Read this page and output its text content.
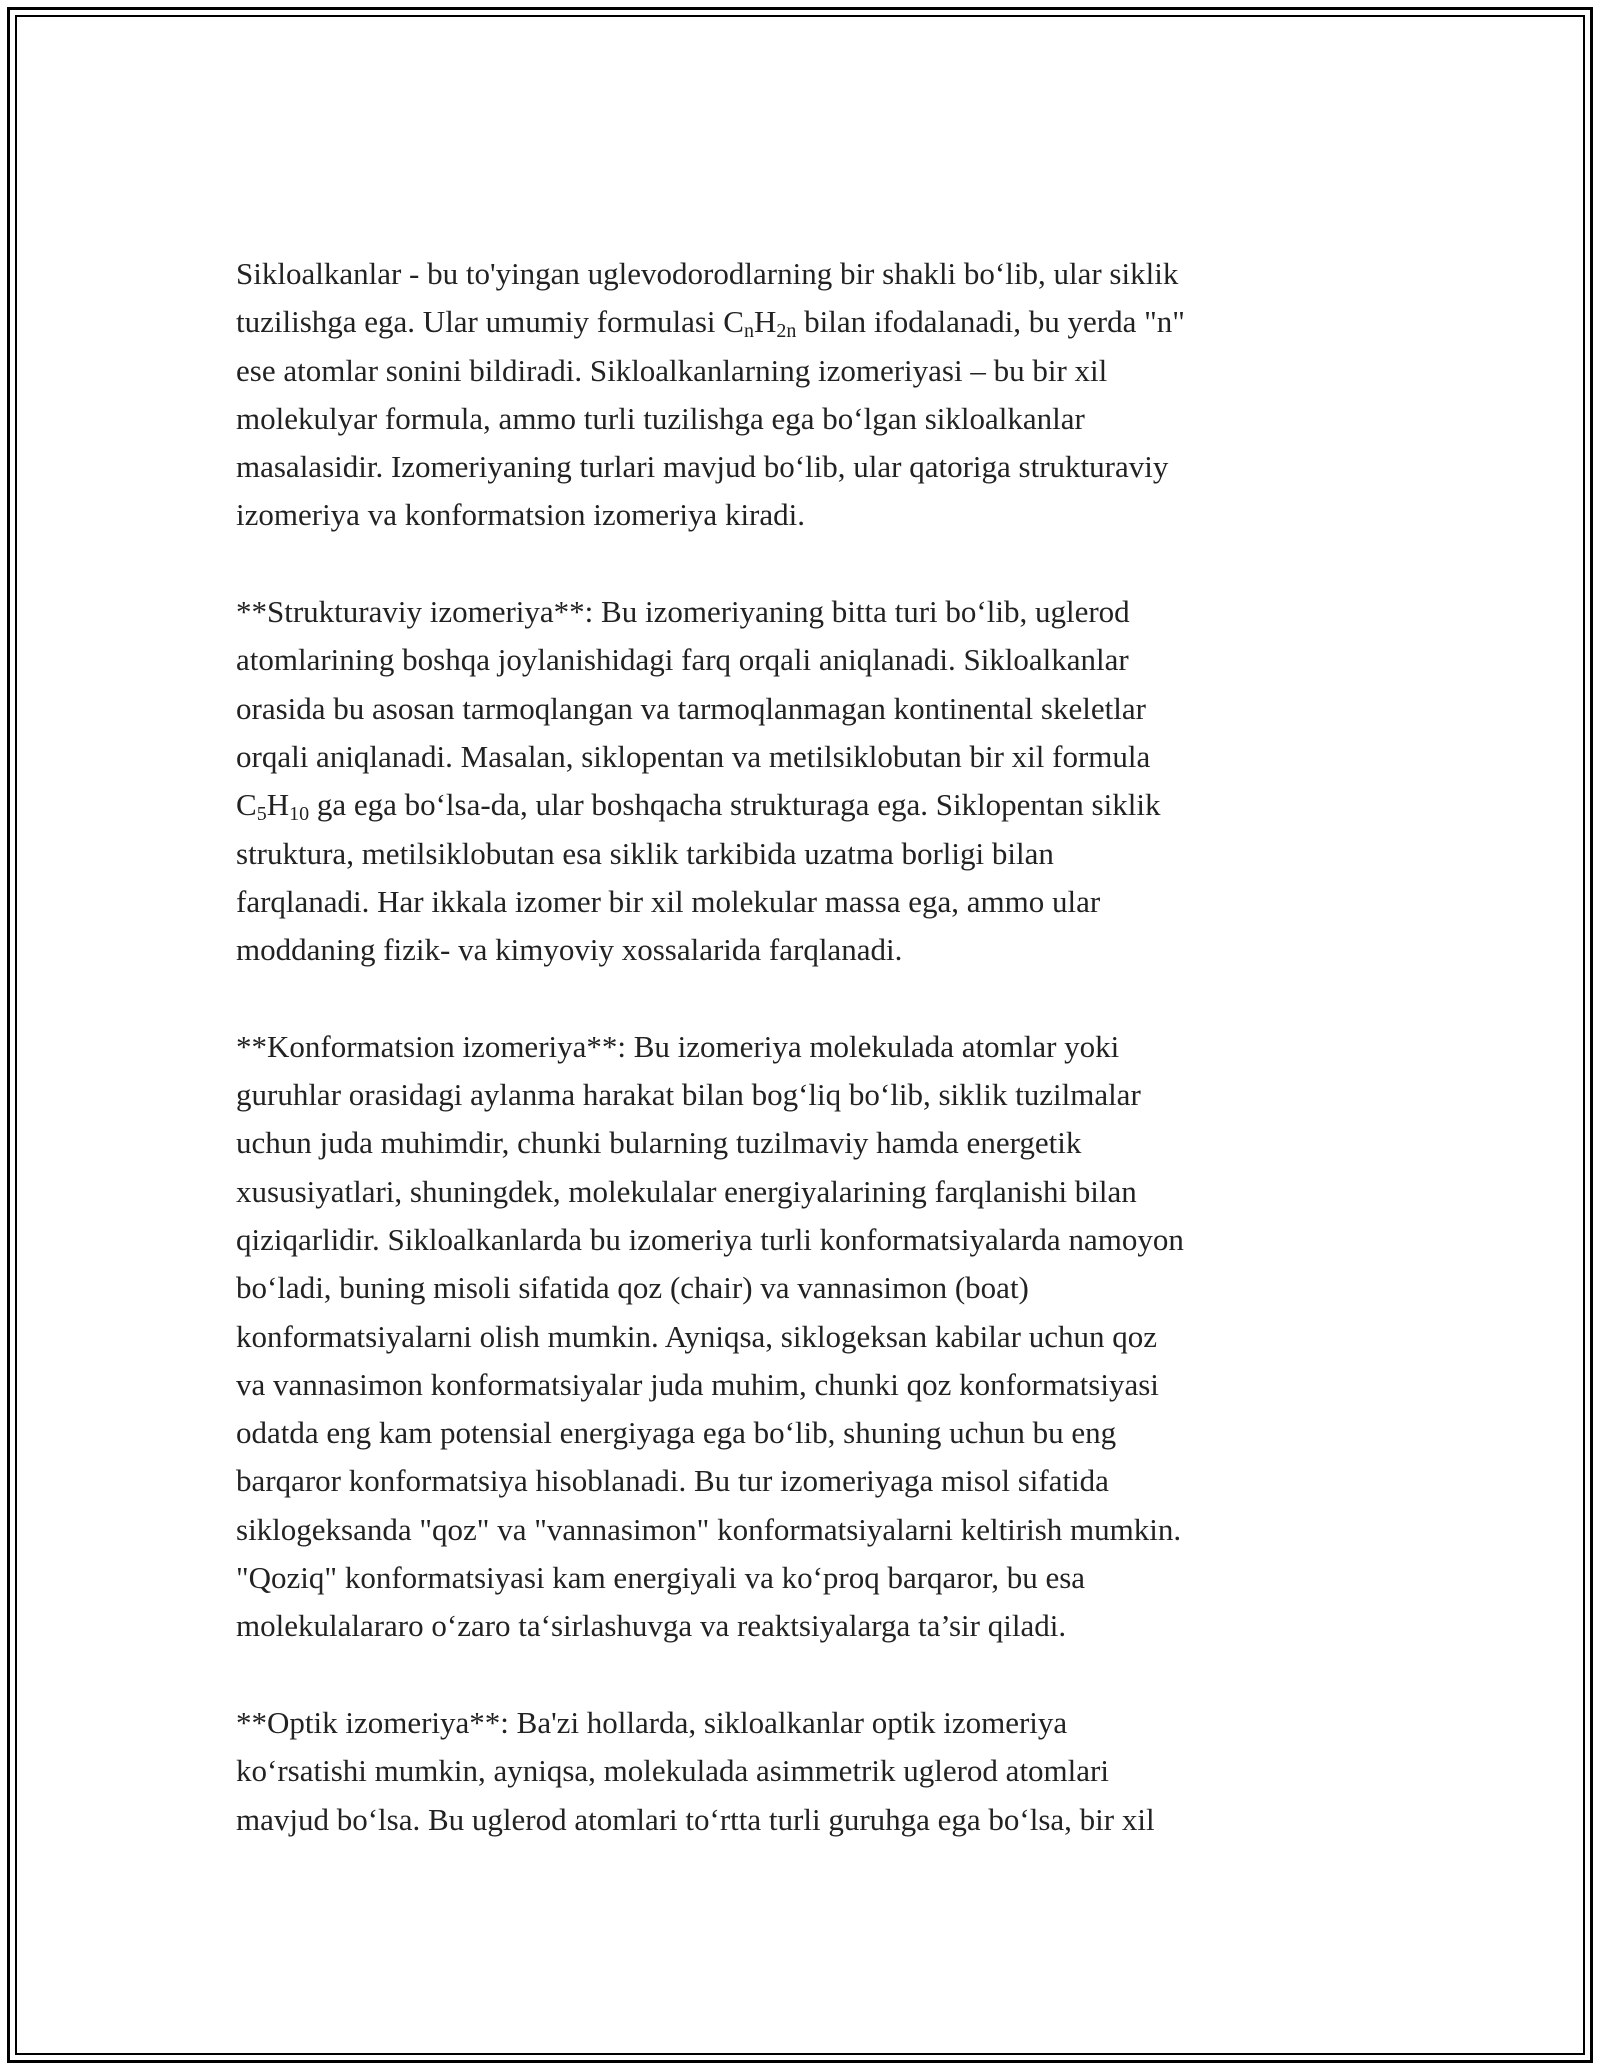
Sikloalkanlar - bu to'yingan uglevodorodlarning bir shakli bo‘lib, ular siklik
tuzilishga ega. Ular umumiy formulasi $C_nH_{2n}$ bilan ifodalanadi, bu yerda "n"
ese atomlar sonini bildiradi. Sikloalkanlarning izomeriyasi – bu bir xil
molekulyar formula, ammo turli tuzilishga ega bo‘lgan sikloalkanlar
masalasidir. Izomeriyaning turlari mavjud bo‘lib, ular qatoriga strukturaviy
izomeriya va konformatsion izomeriya kiradi.

**Strukturaviy izomeriya**: Bu izomeriyaning bitta turi bo‘lib, uglerod
atomlarining boshqa joylanishidagi farq orqali aniqlanadi. Sikloalkanlar
orasida bu asosan tarmoqlangan va tarmoqlanmagan kontinental skeletlar
orqali aniqlanadi. Masalan, siklopentan va metilsiklobutan bir xil formula
$C_5H_{10}$ ga ega bo‘lsa-da, ular boshqacha strukturaga ega. Siklopentan siklik
struktura, metilsiklobutan esa siklik tarkibida uzatma borligi bilan
farqlanadi. Har ikkala izomer bir xil molekular massa ega, ammo ular
moddaning fizik- va kimyoviy xossalarida farqlanadi.

**Konformatsion izomeriya**: Bu izomeriya molekulada atomlar yoki
guruhlar orasidagi aylanma harakat bilan bog‘liq bo‘lib, siklik tuzilmalar
uchun juda muhimdir, chunki bularning tuzilmaviy hamda energetik
xususiyatlari, shuningdek, molekulalar energiyalarining farqlanishi bilan
qiziqarlidir. Sikloalkanlarda bu izomeriya turli konformatsiyalarda namoyon
bo‘ladi, buning misoli sifatida qoz (chair) va vannasimon (boat)
konformatsiyalarni olish mumkin. Ayniqsa, siklogeksan kabilar uchun qoz
va vannasimon konformatsiyalar juda muhim, chunki qoz konformatsiyasi
odatda eng kam potensial energiyaga ega bo‘lib, shuning uchun bu eng
barqaror konformatsiya hisoblanadi. Bu tur izomeriyaga misol sifatida
siklogeksanda "qoz" va "vannasimon" konformatsiyalarni keltirish mumkin.
"Qoziq" konformatsiyasi kam energiyali va ko‘proq barqaror, bu esa
molekulalararo o‘zaro ta‘sirlashuvga va reaktsiyalarga ta’sir qiladi.

**Optik izomeriya**: Ba'zi hollarda, sikloalkanlar optik izomeriya
ko‘rsatishi mumkin, ayniqsa, molekulada asimmetrik uglerod atomlari
mavjud bo‘lsa. Bu uglerod atomlari to‘rtta turli guruhga ega bo‘lsa, bir xil
